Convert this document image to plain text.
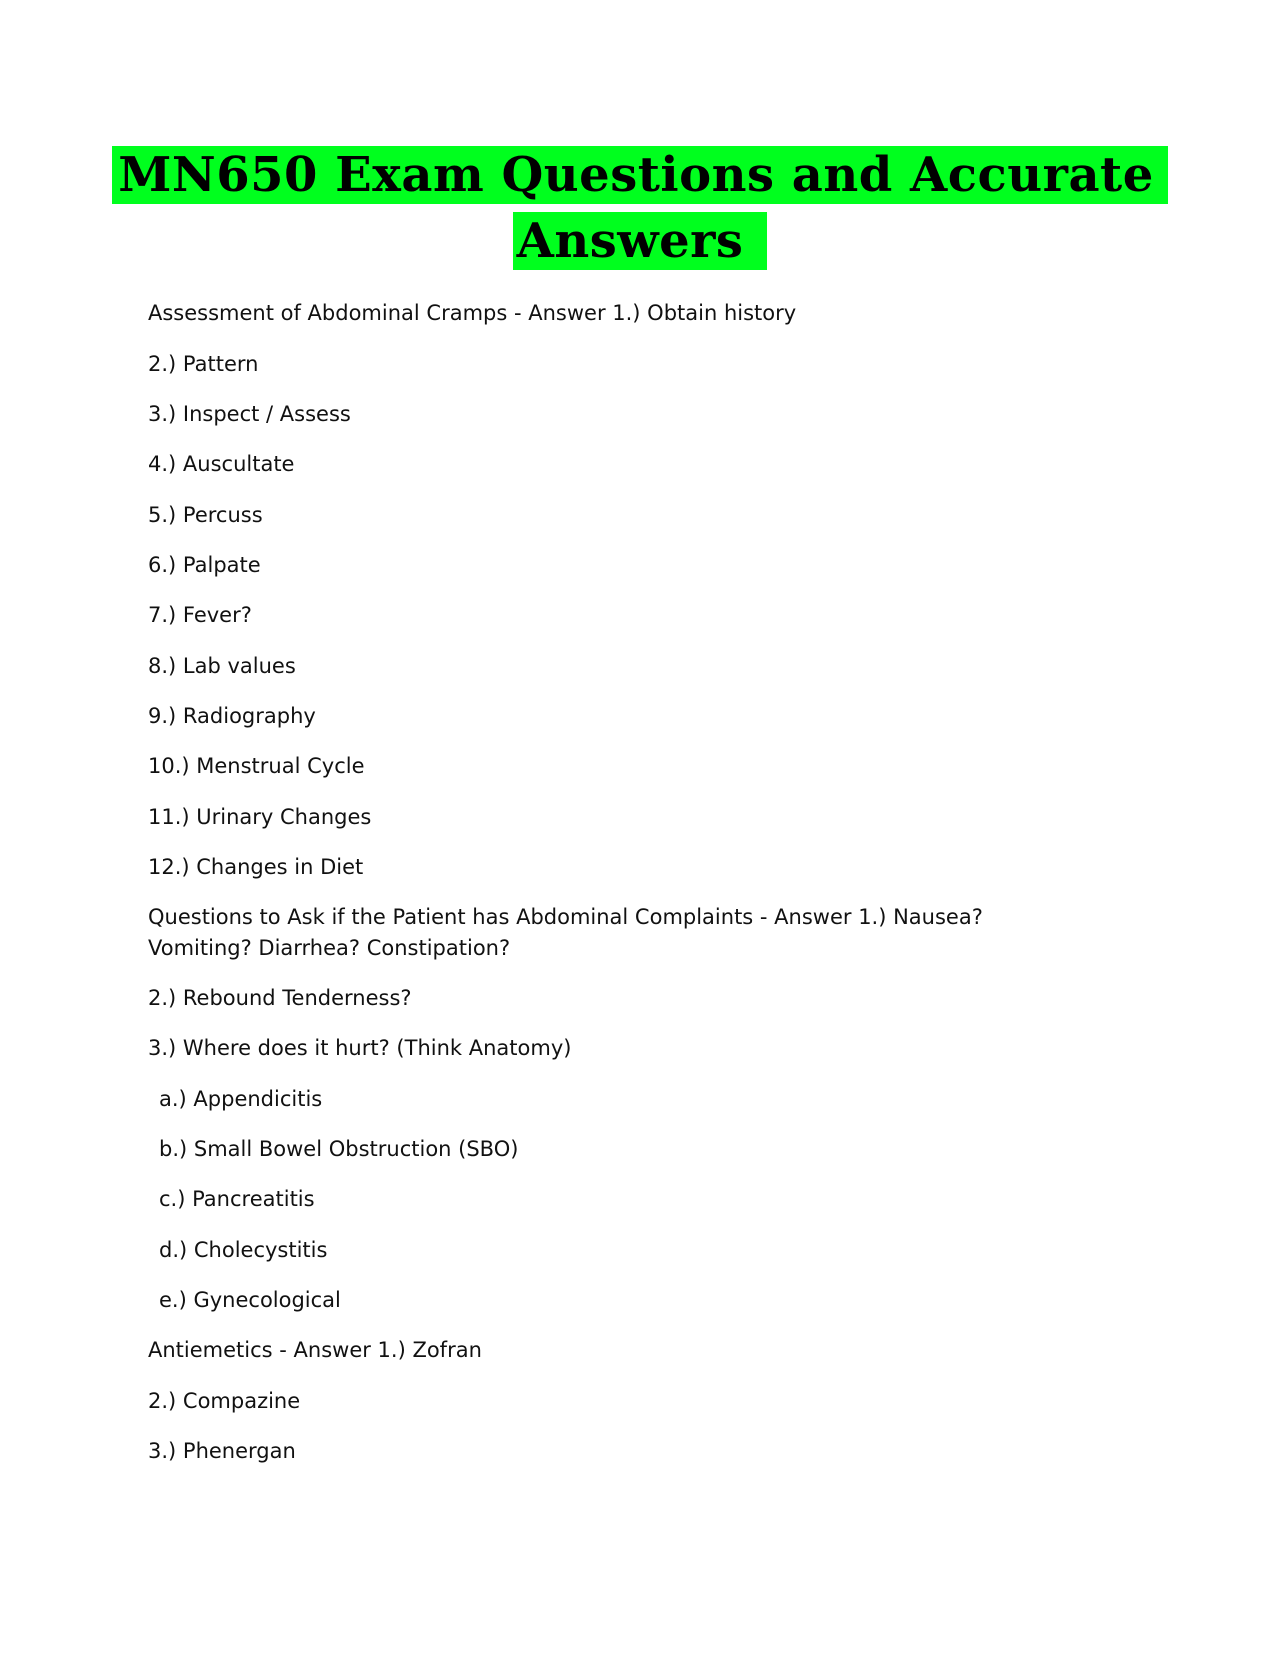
MN650 Exam Questions and Accurate
Answers
Assessment of Abdominal Cramps - Answer 1.) Obtain history
2.) Pattern
3.) Inspect / Assess
4.) Auscultate
5.) Percuss
6.) Palpate
7.) Fever?
8.) Lab values
9.) Radiography
10.) Menstrual Cycle
11.) Urinary Changes
12.) Changes in Diet
Questions to Ask if the Patient has Abdominal Complaints - Answer 1.) Nausea?
Vomiting? Diarrhea? Constipation?
2.) Rebound Tenderness?
3.) Where does it hurt? (Think Anatomy)
a.) Appendicitis
b.) Small Bowel Obstruction (SBO)
c.) Pancreatitis
d.) Cholecystitis
e.) Gynecological
Antiemetics - Answer 1.) Zofran
2.) Compazine
3.) Phenergan
